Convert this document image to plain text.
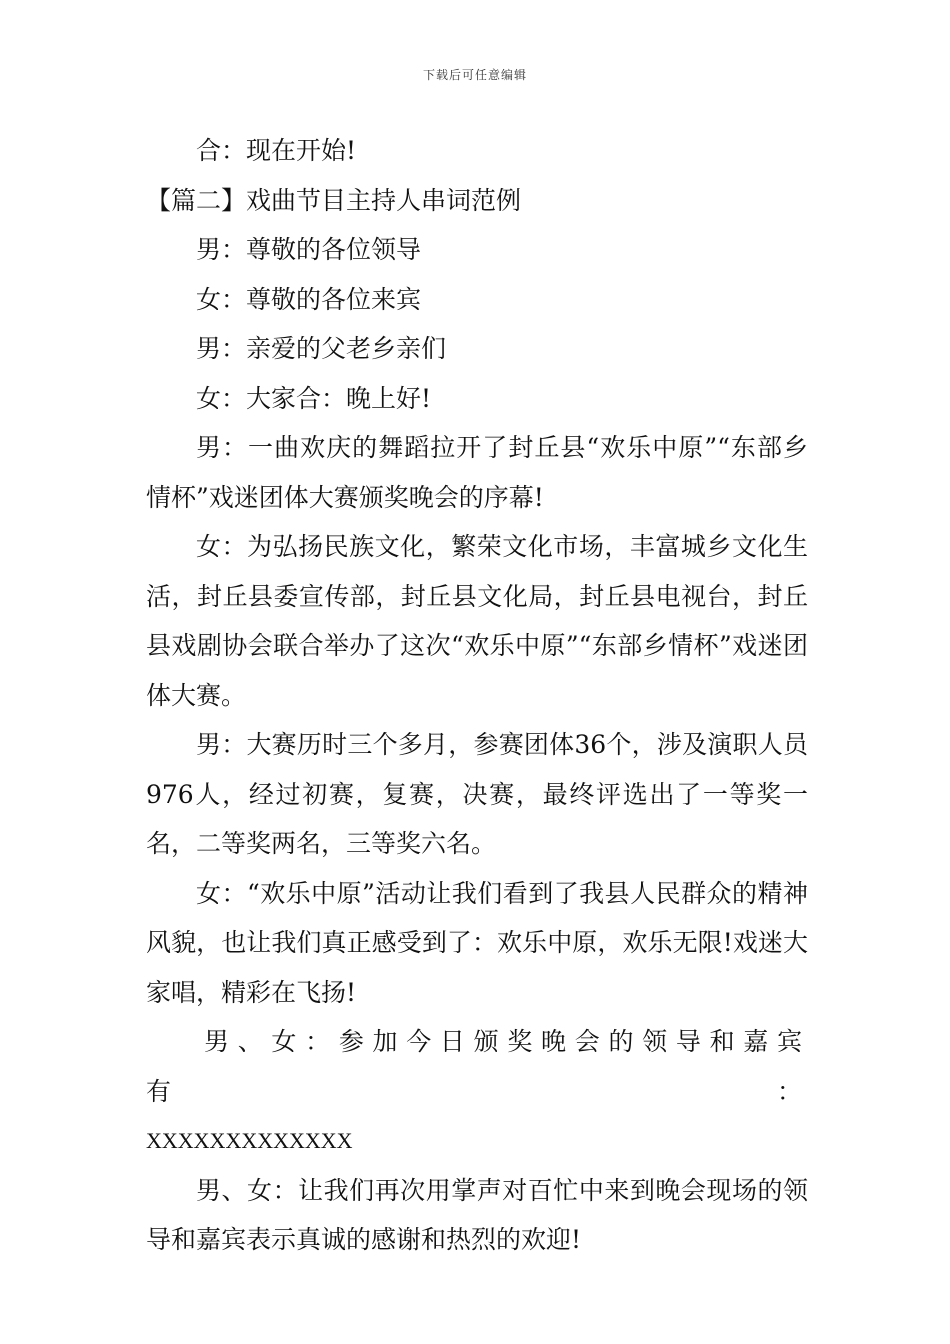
下载后可任意编辑

合：现在开始!

【篇二】戏曲节目主持人串词范例

男：尊敬的各位领导

女：尊敬的各位来宾

男：亲爱的父老乡亲们

女：大家合：晚上好!

男：一曲欢庆的舞蹈拉开了封丘县“欢乐中原”“东部乡情杯”戏迷团体大赛颁奖晚会的序幕!

女：为弘扬民族文化，繁荣文化市场，丰富城乡文化生活，封丘县委宣传部，封丘县文化局，封丘县电视台，封丘县戏剧协会联合举办了这次“欢乐中原”“东部乡情杯”戏迷团体大赛。

男：大赛历时三个多月，参赛团体36个，涉及演职人员976人，经过初赛，复赛，决赛，最终评选出了一等奖一名，二等奖两名，三等奖六名。

女：“欢乐中原”活动让我们看到了我县人民群众的精神风貌，也让我们真正感受到了：欢乐中原，欢乐无限!戏迷大家唱，精彩在飞扬!

男、女：参加今日颁奖晚会的领导和嘉宾有：

XXXXXXXXXXXXX

男、女：让我们再次用掌声对百忙中来到晚会现场的领导和嘉宾表示真诚的感谢和热烈的欢迎!
